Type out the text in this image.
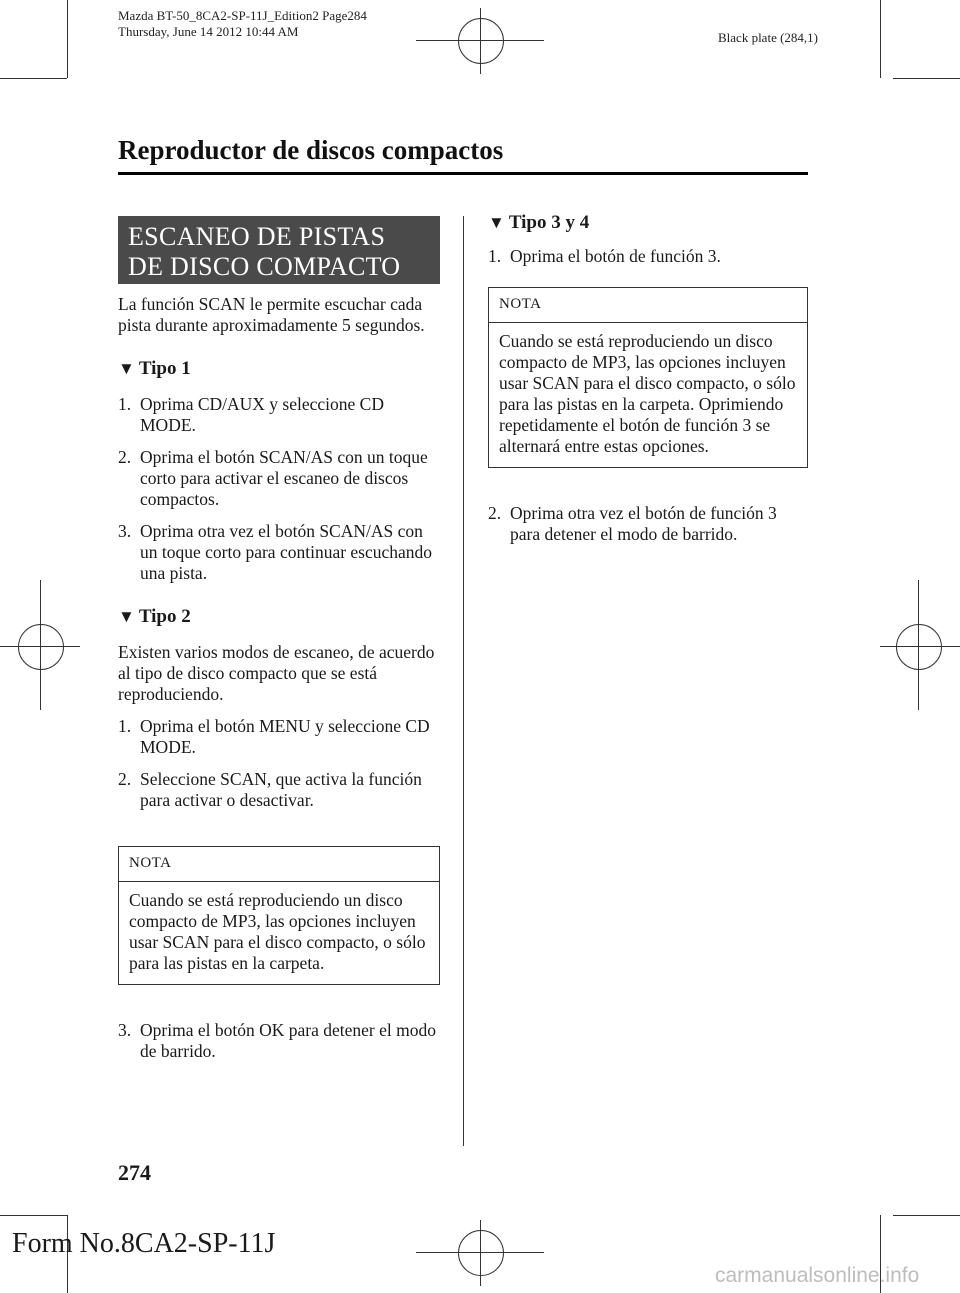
Mazda BT-50_8CA2-SP-11J_Edition2 Page284
Thursday, June 14 2012 10:44 AM	Black plate (284,1)
Reproductor de discos compactos
ESCANEO DE PISTAS
DE DISCO COMPACTO

La función SCAN le permite escuchar cada pista durante aproximadamente 5 segundos.

▼ Tipo 1
1. Oprima CD/AUX y seleccione CD MODE.
2. Oprima el botón SCAN/AS con un toque corto para activar el escaneo de discos compactos.
3. Oprima otra vez el botón SCAN/AS con un toque corto para continuar escuchando una pista.
▼ Tipo 2

Existen varios modos de escaneo, de acuerdo al tipo de disco compacto que se está reproduciendo.

1. Oprima el botón MENU y seleccione CD MODE.
2. Seleccione SCAN, que activa la función para activar o desactivar.
NOTA
Cuando se está reproduciendo un disco compacto de MP3, las opciones incluyen usar SCAN para el disco compacto, o sólo para las pistas en la carpeta.
3. Oprima el botón OK para detener el modo de barrido.
▼ Tipo 3 y 4
1. Oprima el botón de función 3.
NOTA
Cuando se está reproduciendo un disco compacto de MP3, las opciones incluyen usar SCAN para el disco compacto, o sólo para las pistas en la carpeta. Oprimiendo repetidamente el botón de función 3 se alternará entre estas opciones.
2. Oprima otra vez el botón de función 3 para detener el modo de barrido.
274
Form No.8CA2-SP-11J
carmanualsonline.info
